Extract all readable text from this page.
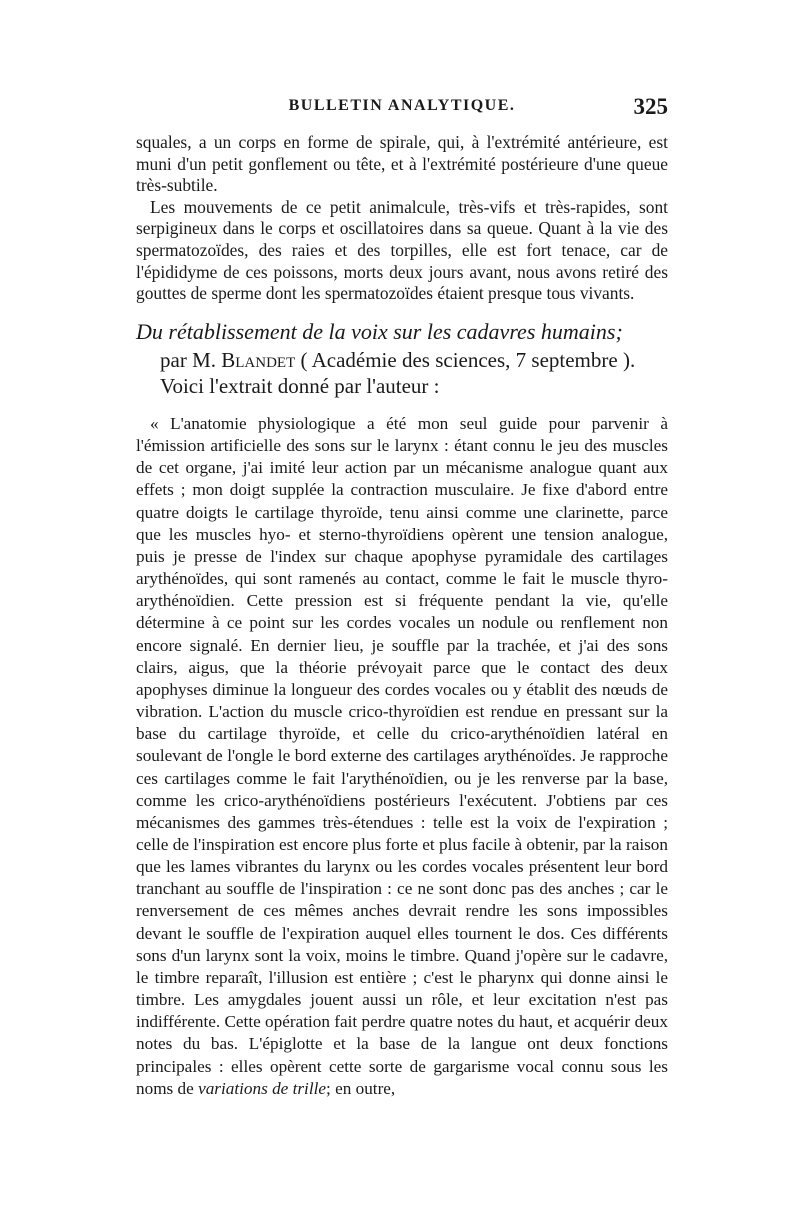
BULLETIN ANALYTIQUE.	325

squales, a un corps en forme de spirale, qui, à l'extrémité antérieure, est muni d'un petit gonflement ou tête, et à l'extrémité postérieure d'une queue très-subtile.

Les mouvements de ce petit animalcule, très-vifs et très-rapides, sont serpigineux dans le corps et oscillatoires dans sa queue. Quant à la vie des spermatozoïdes, des raies et des torpilles, elle est fort tenace, car de l'épididyme de ces poissons, morts deux jours avant, nous avons retiré des gouttes de sperme dont les spermatozoïdes étaient presque tous vivants.

Du rétablissement de la voix sur les cadavres humains;
par M. Blandet ( Académie des sciences, 7 septembre ).
Voici l'extrait donné par l'auteur :

« L'anatomie physiologique a été mon seul guide pour parvenir à l'émission artificielle des sons sur le larynx : étant connu le jeu des muscles de cet organe, j'ai imité leur action par un mécanisme analogue quant aux effets ; mon doigt supplée la contraction musculaire. Je fixe d'abord entre quatre doigts le cartilage thyroïde, tenu ainsi comme une clarinette, parce que les muscles hyo- et sterno-thyroïdiens opèrent une tension analogue, puis je presse de l'index sur chaque apophyse pyramidale des cartilages arythénoïdes, qui sont ramenés au contact, comme le fait le muscle thyro-arythénoïdien. Cette pression est si fréquente pendant la vie, qu'elle détermine à ce point sur les cordes vocales un nodule ou renflement non encore signalé. En dernier lieu, je souffle par la trachée, et j'ai des sons clairs, aigus, que la théorie prévoyait parce que le contact des deux apophyses diminue la longueur des cordes vocales ou y établit des nœuds de vibration. L'action du muscle crico-thyroïdien est rendue en pressant sur la base du cartilage thyroïde, et celle du crico-arythénoïdien latéral en soulevant de l'ongle le bord externe des cartilages arythénoïdes. Je rapproche ces cartilages comme le fait l'arythénoïdien, ou je les renverse par la base, comme les crico-arythénoïdiens postérieurs l'exécutent. J'obtiens par ces mécanismes des gammes très-étendues : telle est la voix de l'expiration ; celle de l'inspiration est encore plus forte et plus facile à obtenir, par la raison que les lames vibrantes du larynx ou les cordes vocales présentent leur bord tranchant au souffle de l'inspiration : ce ne sont donc pas des anches ; car le renversement de ces mêmes anches devrait rendre les sons impossibles devant le souffle de l'expiration auquel elles tournent le dos. Ces différents sons d'un larynx sont la voix, moins le timbre. Quand j'opère sur le cadavre, le timbre reparaît, l'illusion est entière ; c'est le pharynx qui donne ainsi le timbre. Les amygdales jouent aussi un rôle, et leur excitation n'est pas indifférente. Cette opération fait perdre quatre notes du haut, et acquérir deux notes du bas. L'épiglotte et la base de la langue ont deux fonctions principales : elles opèrent cette sorte de gargarisme vocal connu sous les noms de variations de trille; en outre,
